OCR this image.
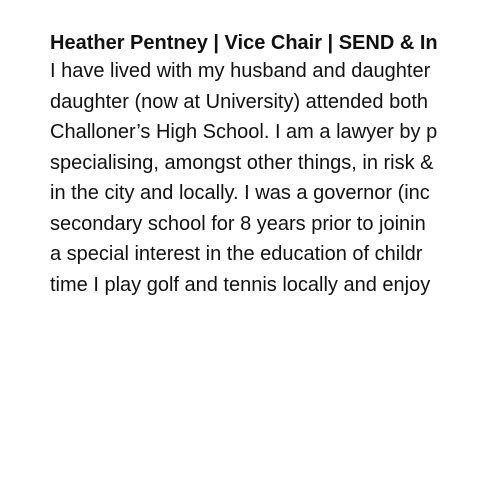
Heather Pentney | Vice Chair | SEND & In
I have lived with my husband and daughter
daughter (now at University) attended both
Challoner’s High School. I am a lawyer by p
specialising, amongst other things, in risk &
in the city and locally. I was a governor (inc
secondary school for 8 years prior to joinin
a special interest in the education of childr
time I play golf and tennis locally and enjoy
